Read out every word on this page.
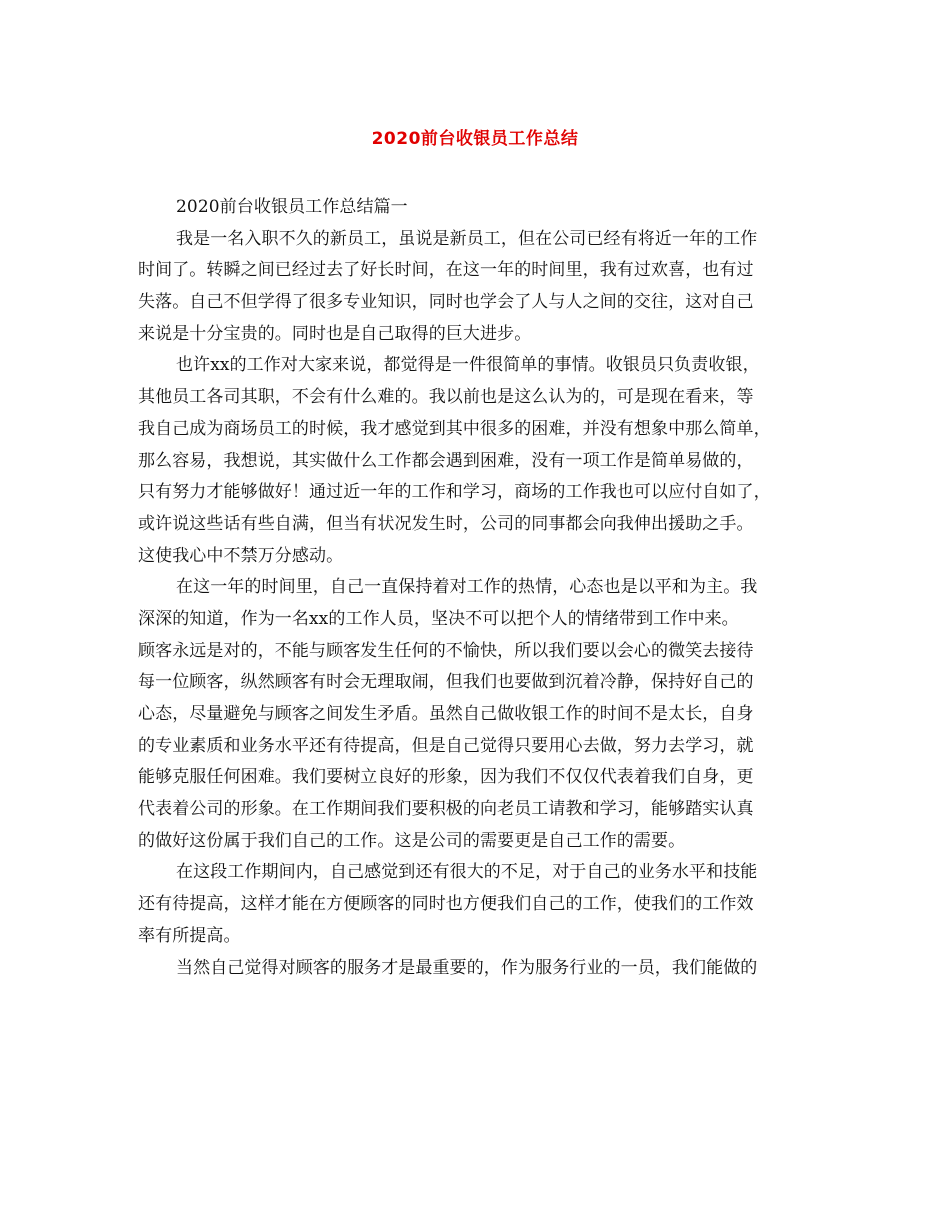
2020前台收银员工作总结
2020前台收银员工作总结篇一
我是一名入职不久的新员工，虽说是新员工，但在公司已经有将近一年的工作
时间了。转瞬之间已经过去了好长时间，在这一年的时间里，我有过欢喜，也有过
失落。自己不但学得了很多专业知识，同时也学会了人与人之间的交往，这对自己
来说是十分宝贵的。同时也是自己取得的巨大进步。
也许xx的工作对大家来说，都觉得是一件很简单的事情。收银员只负责收银，
其他员工各司其职，不会有什么难的。我以前也是这么认为的，可是现在看来，等
我自己成为商场员工的时候，我才感觉到其中很多的困难，并没有想象中那么简单，
那么容易，我想说，其实做什么工作都会遇到困难，没有一项工作是简单易做的，
只有努力才能够做好！通过近一年的工作和学习，商场的工作我也可以应付自如了，
或许说这些话有些自满，但当有状况发生时，公司的同事都会向我伸出援助之手。
这使我心中不禁万分感动。
在这一年的时间里，自己一直保持着对工作的热情，心态也是以平和为主。我
深深的知道，作为一名xx的工作人员，坚决不可以把个人的情绪带到工作中来。
顾客永远是对的，不能与顾客发生任何的不愉快，所以我们要以会心的微笑去接待
每一位顾客，纵然顾客有时会无理取闹，但我们也要做到沉着冷静，保持好自己的
心态，尽量避免与顾客之间发生矛盾。虽然自己做收银工作的时间不是太长，自身
的专业素质和业务水平还有待提高，但是自己觉得只要用心去做，努力去学习，就
能够克服任何困难。我们要树立良好的形象，因为我们不仅仅代表着我们自身，更
代表着公司的形象。在工作期间我们要积极的向老员工请教和学习，能够踏实认真
的做好这份属于我们自己的工作。这是公司的需要更是自己工作的需要。
在这段工作期间内，自己感觉到还有很大的不足，对于自己的业务水平和技能
还有待提高，这样才能在方便顾客的同时也方便我们自己的工作，使我们的工作效
率有所提高。
当然自己觉得对顾客的服务才是最重要的，作为服务行业的一员，我们能做的
